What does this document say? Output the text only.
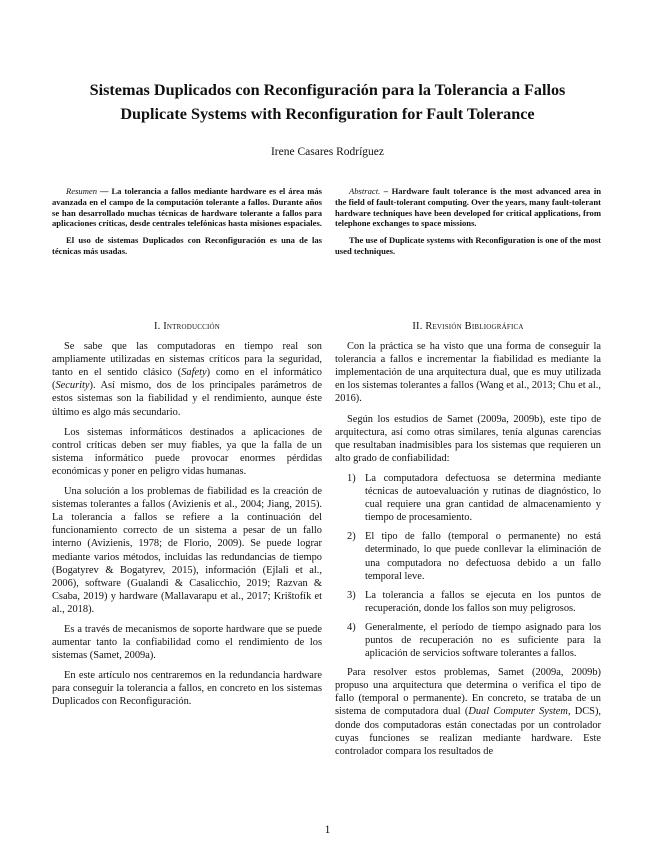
Sistemas Duplicados con Reconfiguración para la Tolerancia a Fallos
Duplicate Systems with Reconfiguration for Fault Tolerance
Irene Casares Rodríguez

Resumen — La tolerancia a fallos mediante hardware es el área más avanzada en el campo de la computación tolerante a fallos. Durante años se han desarrollado muchas técnicas de hardware tolerante a fallos para aplicaciones críticas, desde centrales telefónicas hasta misiones espaciales.

El uso de sistemas Duplicados con Reconfiguración es una de las técnicas más usadas.

Abstract. – Hardware fault tolerance is the most advanced area in the field of fault-tolerant computing. Over the years, many fault-tolerant hardware techniques have been developed for critical applications, from telephone exchanges to space missions.

The use of Duplicate systems with Reconfiguration is one of the most used techniques.

I. Introducción

Se sabe que las computadoras en tiempo real son ampliamente utilizadas en sistemas críticos para la seguridad, tanto en el sentido clásico (Safety) como en el informático (Security). Así mismo, dos de los principales parámetros de estos sistemas son la fiabilidad y el rendimiento, aunque éste último es algo más secundario.

Los sistemas informáticos destinados a aplicaciones de control críticas deben ser muy fiables, ya que la falla de un sistema informático puede provocar enormes pérdidas económicas y poner en peligro vidas humanas.

Una solución a los problemas de fiabilidad es la creación de sistemas tolerantes a fallos (Avizienis et al., 2004; Jiang, 2015). La tolerancia a fallos se refiere a la continuación del funcionamiento correcto de un sistema a pesar de un fallo interno (Avizienis, 1978; de Florio, 2009). Se puede lograr mediante varios métodos, incluidas las redundancias de tiempo (Bogatyrev & Bogatyrev, 2015), información (Ejlali et al., 2006), software (Gualandi & Casalicchio, 2019; Razvan & Csaba, 2019) y hardware (Mallavarapu et al., 2017; Krištofík et al., 2018).

Es a través de mecanismos de soporte hardware que se puede aumentar tanto la confiabilidad como el rendimiento de los sistemas (Samet, 2009a).

En este artículo nos centraremos en la redundancia hardware para conseguir la tolerancia a fallos, en concreto en los sistemas Duplicados con Reconfiguración.

II. Revisión Bibliográfica

Con la práctica se ha visto que una forma de conseguir la tolerancia a fallos e incrementar la fiabilidad es mediante la implementación de una arquitectura dual, que es muy utilizada en los sistemas tolerantes a fallos (Wang et al., 2013; Chu et al., 2016).

Según los estudios de Samet (2009a, 2009b), este tipo de arquitectura, así como otras similares, tenía algunas carencias que resultaban inadmisibles para los sistemas que requieren un alto grado de confiabilidad:

1) La computadora defectuosa se determina mediante técnicas de autoevaluación y rutinas de diagnóstico, lo cual requiere una gran cantidad de almacenamiento y tiempo de procesamiento.
2) El tipo de fallo (temporal o permanente) no está determinado, lo que puede conllevar la eliminación de una computadora no defectuosa debido a un fallo temporal leve.
3) La tolerancia a fallos se ejecuta en los puntos de recuperación, donde los fallos son muy peligrosos.
4) Generalmente, el período de tiempo asignado para los puntos de recuperación no es suficiente para la aplicación de servicios software tolerantes a fallos.

Para resolver estos problemas, Samet (2009a, 2009b) propuso una arquitectura que determina o verifica el tipo de fallo (temporal o permanente). En concreto, se trataba de un sistema de computadora dual (Dual Computer System, DCS), donde dos computadoras están conectadas por un controlador cuyas funciones se realizan mediante hardware. Este controlador compara los resultados de

1
